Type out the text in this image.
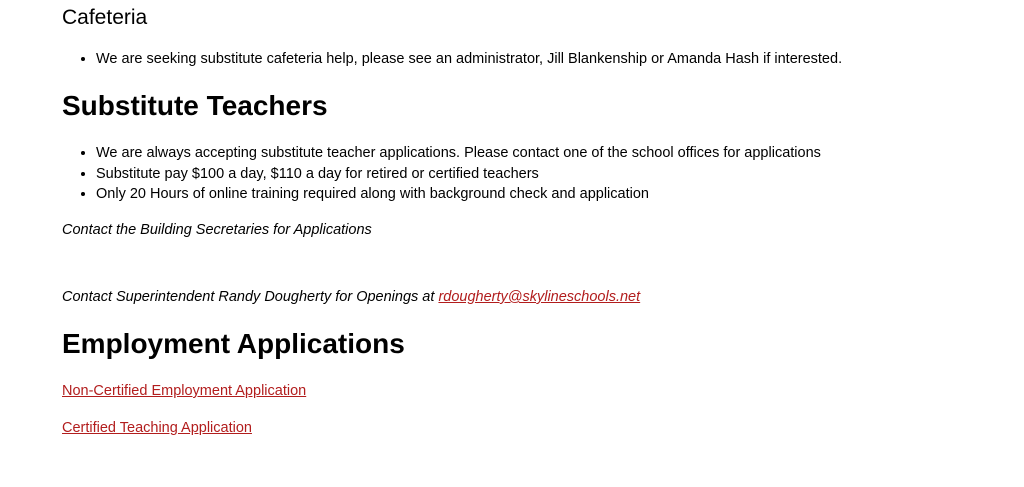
Cafeteria
• We are seeking substitute cafeteria help, please see an administrator, Jill Blankenship or Amanda Hash if interested.
Substitute Teachers
• We are always accepting substitute teacher applications. Please contact one of the school offices for applications
• Substitute pay $100 a day, $110 a day for retired or certified teachers
• Only 20 Hours of online training required along with background check and application

Contact the Building Secretaries for Applications

Contact Superintendent Randy Dougherty for Openings at rdougherty@skylineschools.net

Employment Applications

Non-Certified Employment Application

Certified Teaching Application
